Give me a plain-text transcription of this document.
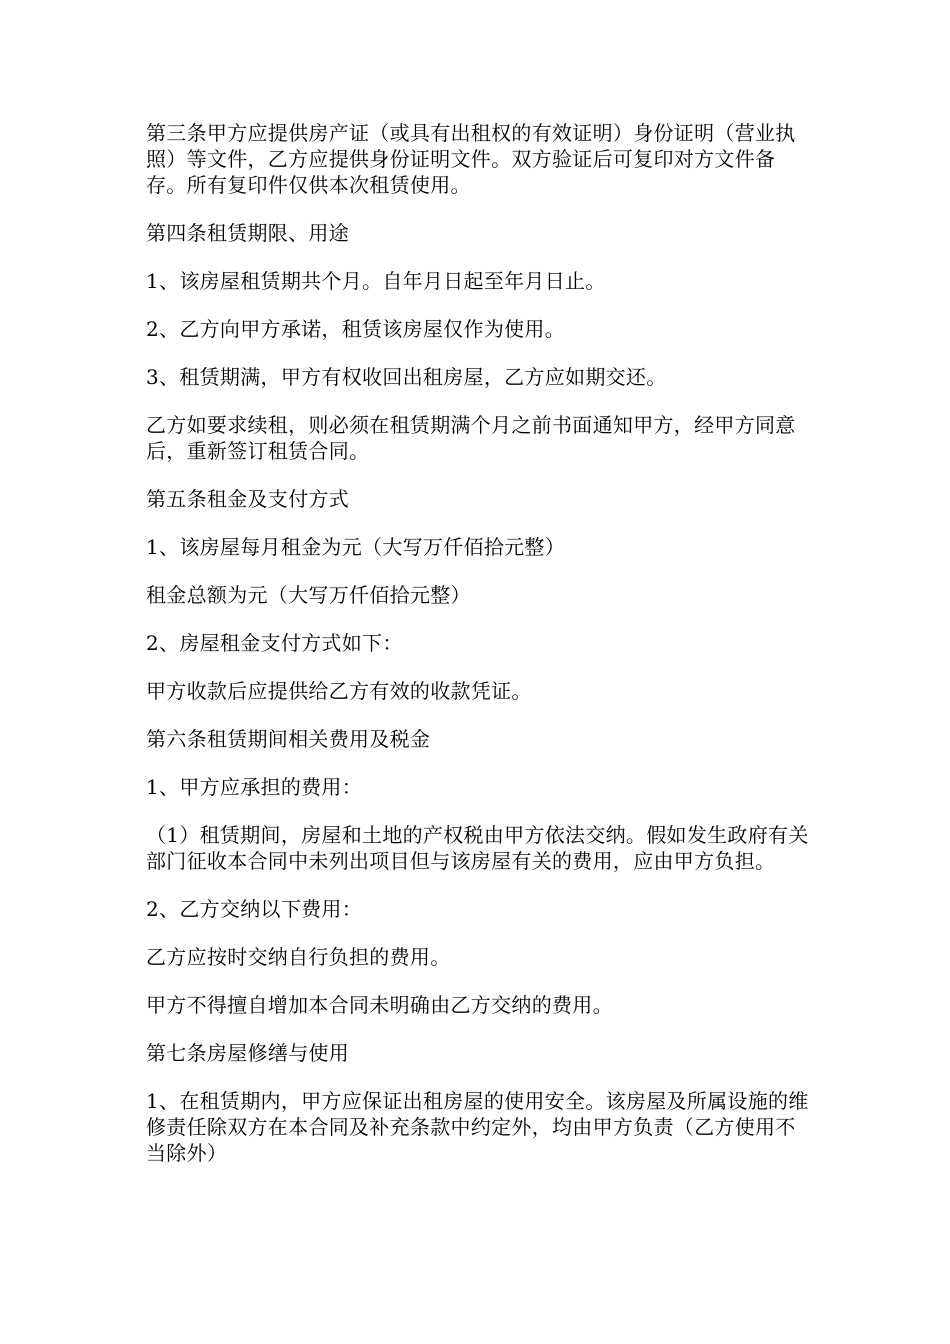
第三条甲方应提供房产证（或具有出租权的有效证明）身份证明（营业执照）等文件，乙方应提供身份证明文件。双方验证后可复印对方文件备存。所有复印件仅供本次租赁使用。

第四条租赁期限、用途

1、该房屋租赁期共个月。自年月日起至年月日止。

2、乙方向甲方承诺，租赁该房屋仅作为使用。

3、租赁期满，甲方有权收回出租房屋，乙方应如期交还。

乙方如要求续租，则必须在租赁期满个月之前书面通知甲方，经甲方同意后，重新签订租赁合同。

第五条租金及支付方式

1、该房屋每月租金为元（大写万仟佰拾元整）

租金总额为元（大写万仟佰拾元整）

2、房屋租金支付方式如下：

甲方收款后应提供给乙方有效的收款凭证。

第六条租赁期间相关费用及税金

1、甲方应承担的费用：

（1）租赁期间，房屋和土地的产权税由甲方依法交纳。假如发生政府有关部门征收本合同中未列出项目但与该房屋有关的费用，应由甲方负担。

2、乙方交纳以下费用：

乙方应按时交纳自行负担的费用。

甲方不得擅自增加本合同未明确由乙方交纳的费用。

第七条房屋修缮与使用

1、在租赁期内，甲方应保证出租房屋的使用安全。该房屋及所属设施的维修责任除双方在本合同及补充条款中约定外，均由甲方负责（乙方使用不当除外）
